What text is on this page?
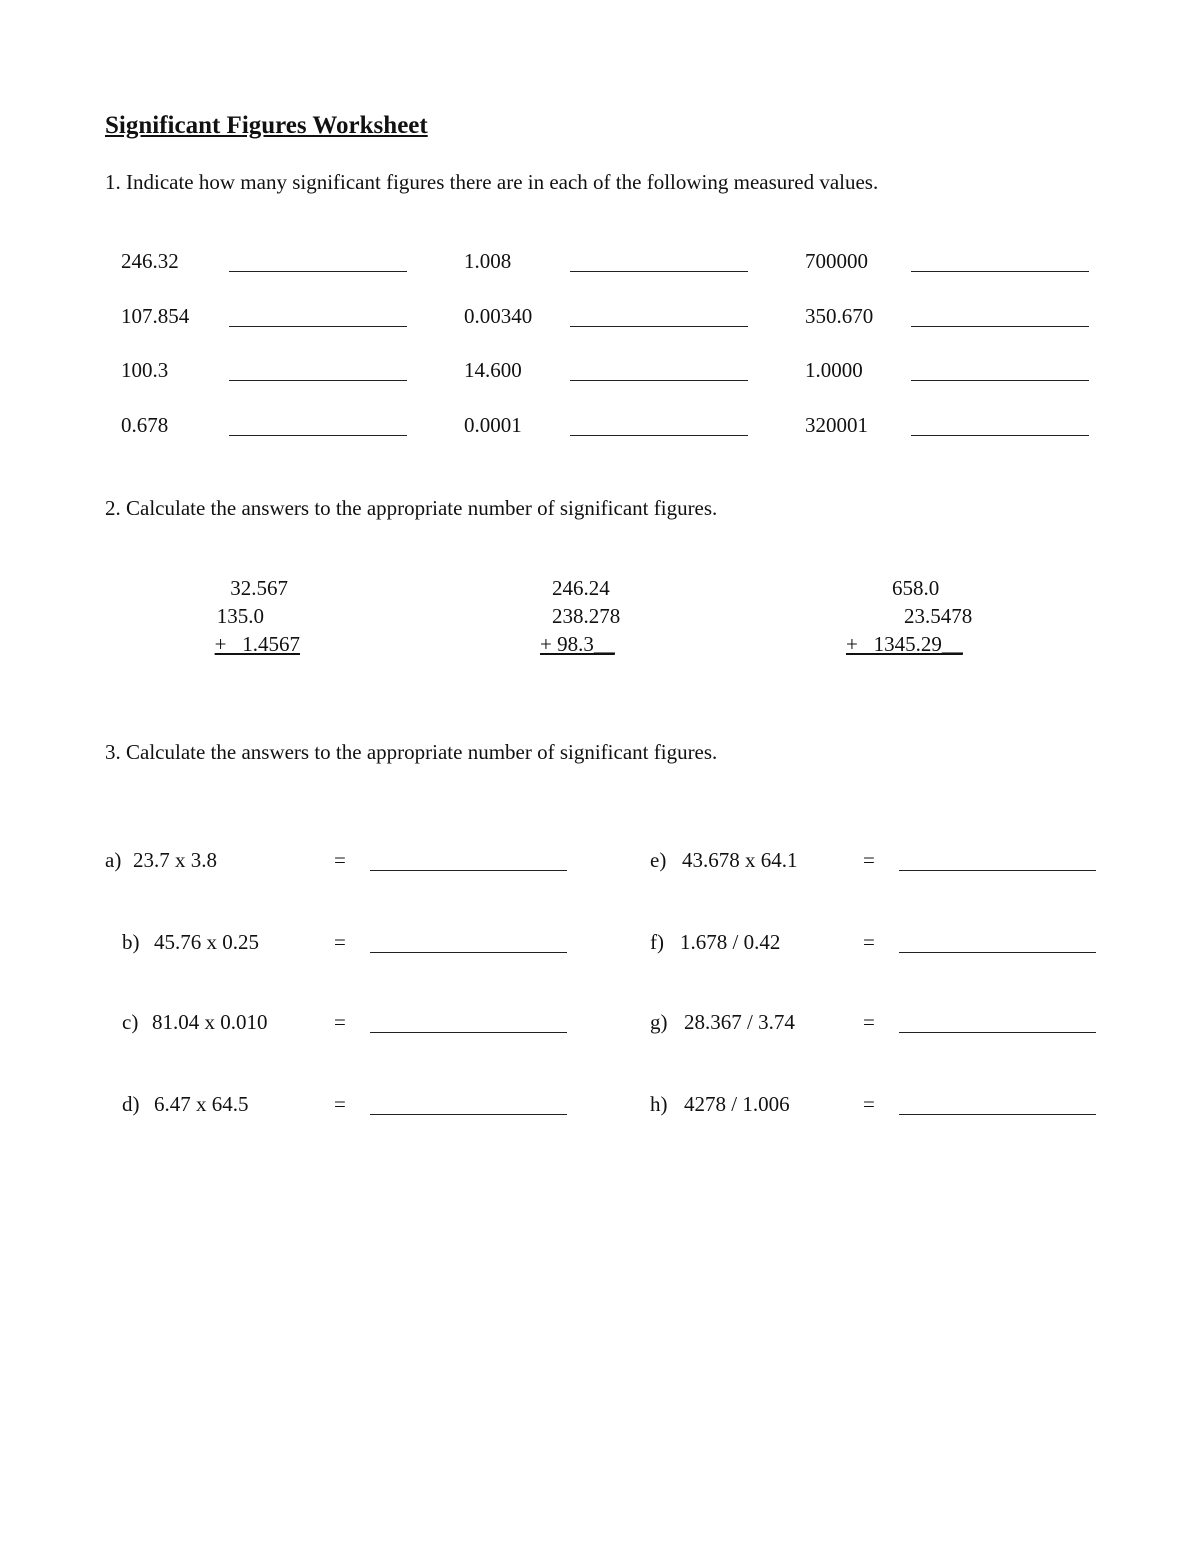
Significant Figures Worksheet
1. Indicate how many significant figures there are in each of the following measured values.
246.32	1.008	700000
107.854	0.00340	350.670
100.3	14.600	1.0000
0.678	0.0001	320001
2. Calculate the answers to the appropriate number of significant figures.
32.567
135.0
+   1.4567
246.24
238.278
+ 98.3__
658.0
23.5478
+   1345.29__
3. Calculate the answers to the appropriate number of significant figures.
a) 23.7 x 3.8	=
b) 45.76 x 0.25	=
c) 81.04 x 0.010	=
d) 6.47 x 64.5	=
e) 43.678 x 64.1	=
f) 1.678 / 0.42	=
g) 28.367 / 3.74	=
h) 4278 / 1.006	=
